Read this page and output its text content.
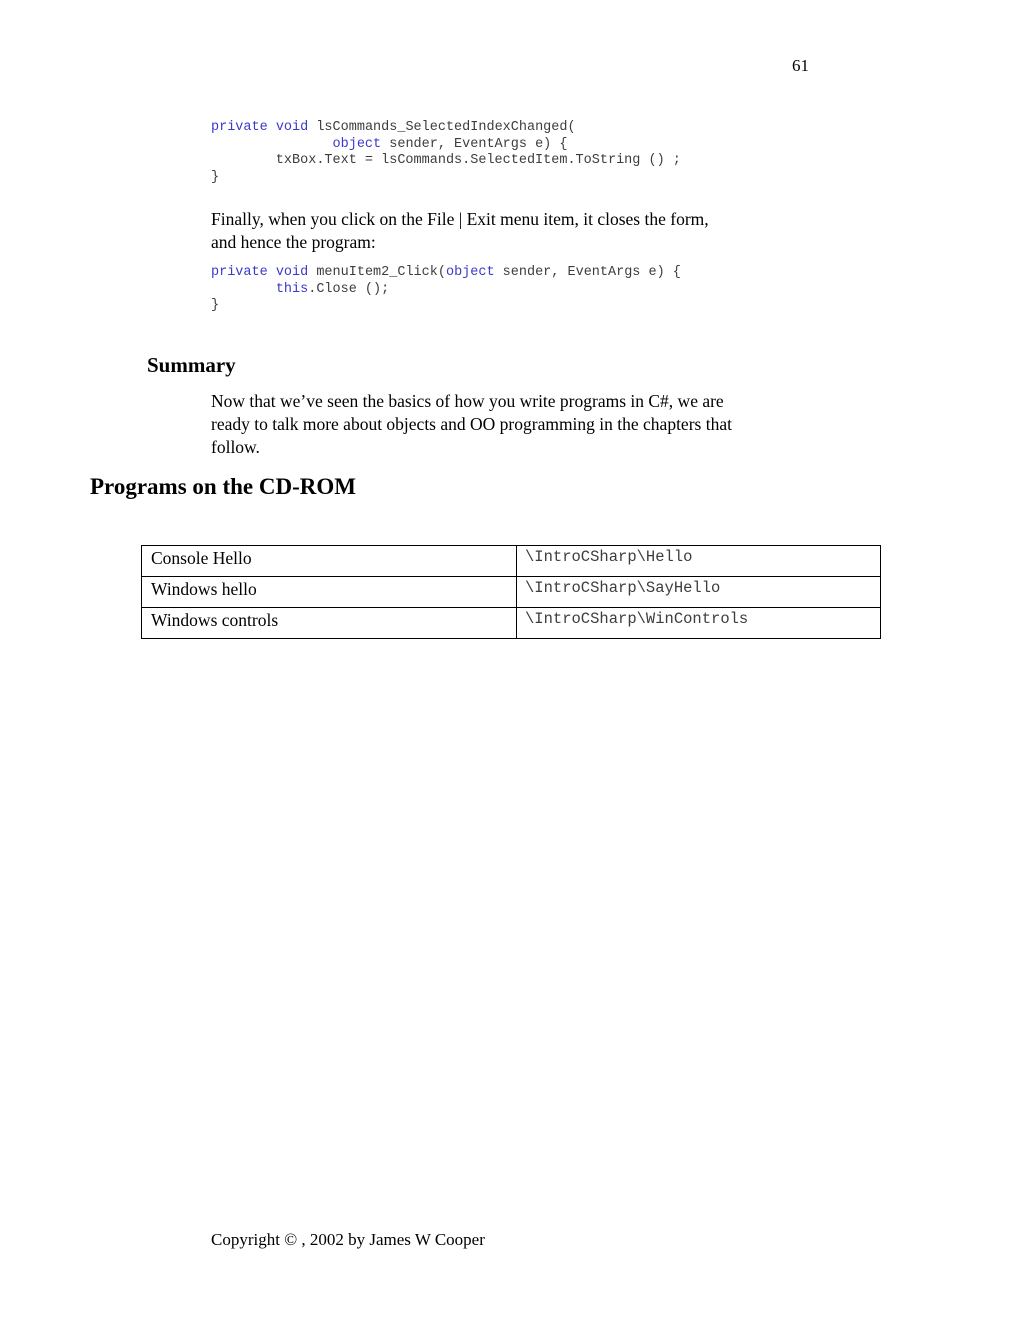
61
private void lsCommands_SelectedIndexChanged(
object sender, EventArgs e) {
txBox.Text = lsCommands.SelectedItem.ToString () ;
}
Finally, when you click on the File | Exit menu item, it closes the form,
and hence the program:
private void menuItem2_Click(object sender, EventArgs e) {
this.Close ();
}
Summary
Now that we’ve seen the basics of how you write programs in C#, we are
ready to talk more about objects and OO programming in the chapters that
follow.
Programs on the CD-ROM
Console Hello	\IntroCSharp\Hello
Windows hello	\IntroCSharp\SayHello
Windows controls	\IntroCSharp\WinControls
Copyright © , 2002 by James W Cooper
